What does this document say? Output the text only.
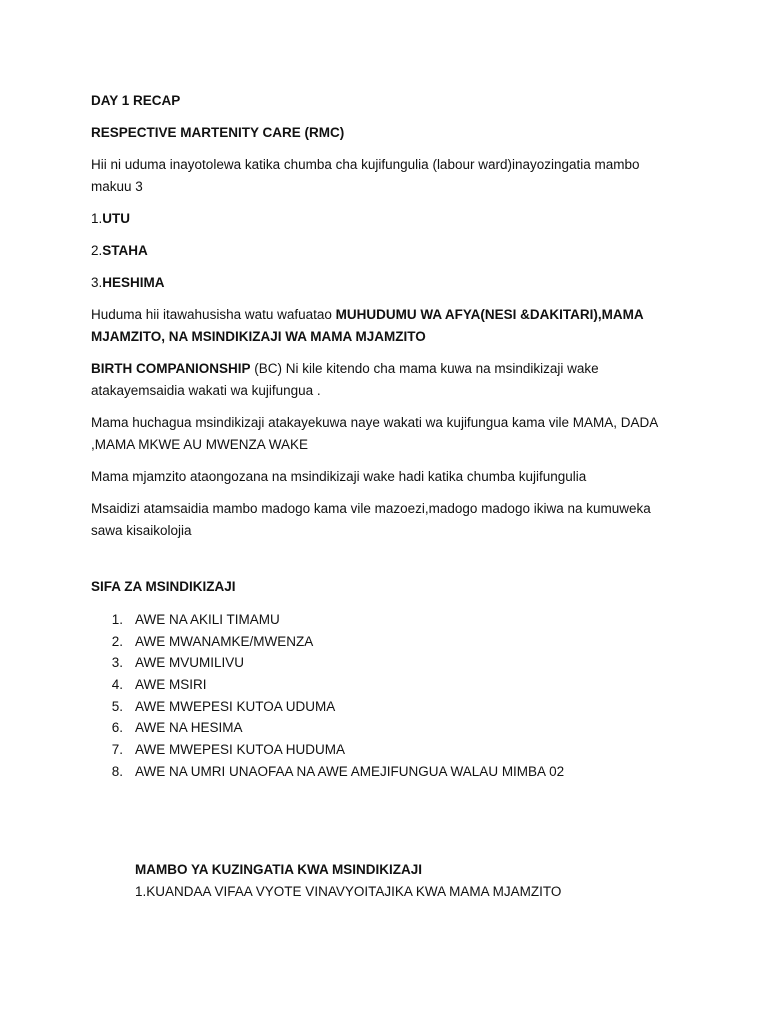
DAY 1 RECAP

RESPECTIVE MARTENITY CARE (RMC)

Hii ni uduma inayotolewa katika chumba cha kujifungulia (labour ward)inayozingatia mambo makuu 3

1.UTU

2.STAHA

3.HESHIMA

Huduma hii itawahusisha watu wafuatao MUHUDUMU WA AFYA(NESI &DAKITARI),MAMA MJAMZITO, NA MSINDIKIZAJI WA MAMA MJAMZITO

BIRTH COMPANIONSHIP (BC) Ni kile kitendo cha mama kuwa na msindikizaji wake atakayemsaidia wakati wa kujifungua .

Mama huchagua msindikizaji atakayekuwa naye wakati wa kujifungua kama vile MAMA, DADA ,MAMA MKWE AU MWENZA WAKE

Mama mjamzito ataongozana na msindikizaji wake hadi katika chumba kujifungulia

Msaidizi atamsaidia mambo madogo kama vile mazoezi,madogo madogo ikiwa na kumuweka sawa kisaikolojia

SIFA ZA MSINDIKIZAJI

1. AWE NA AKILI TIMAMU
2. AWE MWANAMKE/MWENZA
3. AWE MVUMILIVU
4. AWE MSIRI
5. AWE MWEPESI KUTOA UDUMA
6. AWE NA HESIMA
7. AWE MWEPESI KUTOA HUDUMA
8. AWE NA UMRI UNAOFAA NA AWE AMEJIFUNGUA WALAU MIMBA 02

MAMBO YA KUZINGATIA KWA MSINDIKIZAJI

1.KUANDAA VIFAA VYOTE VINAVYOITAJIKA KWA MAMA MJAMZITO
